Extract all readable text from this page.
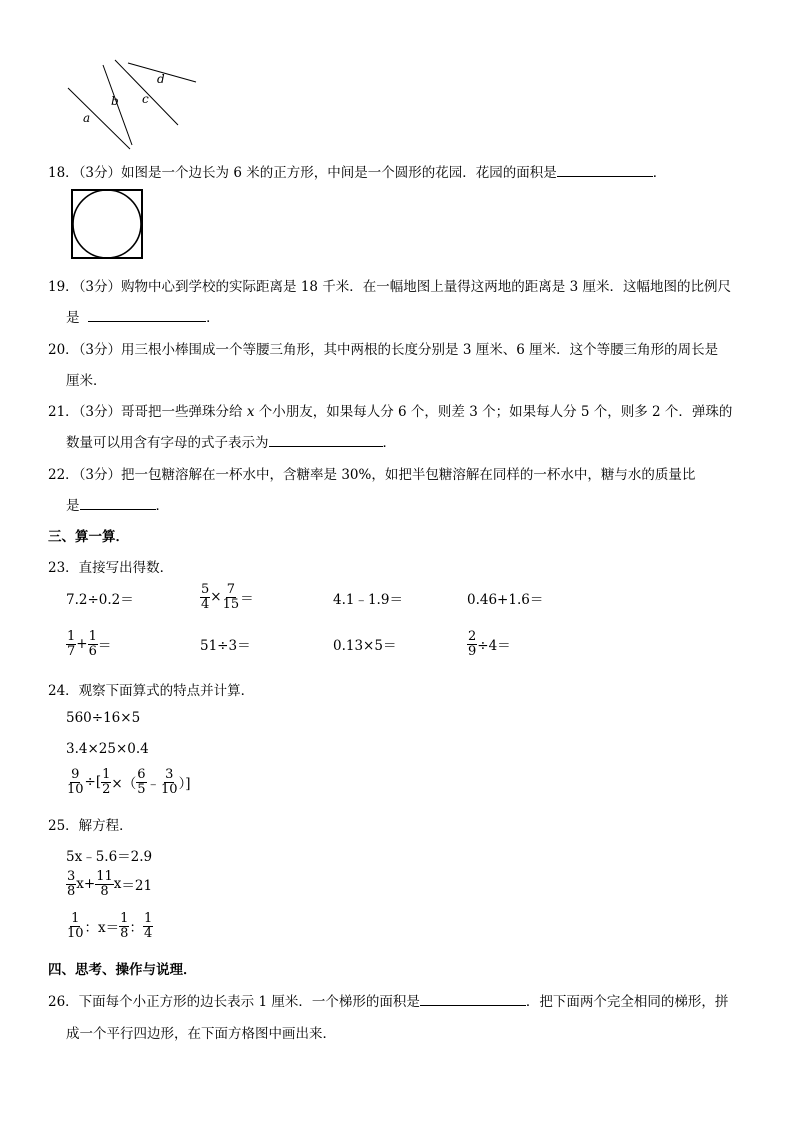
a
b c
d
18．（3分）如图是一个边长为 6 米的正方形，中间是一个圆形的花园．花园的面积是	．
19．（3分）购物中心到学校的实际距离是 18 千米．在一幅地图上量得这两地的距离是 3 厘米．这幅地图的比例尺
是	．
20．（3分）用三根小棒围成一个等腰三角形，其中两根的长度分别是 3 厘米、6 厘米．这个等腰三角形的周长是
厘米．
21．（3分）哥哥把一些弹珠分给 x 个小朋友，如果每人分 6 个，则差 3 个；如果每人分 5 个，则多 2 个．弹珠的
数量可以用含有字母的式子表示为	．
22．（3分）把一包糖溶解在一杯水中，含糖率是 30%，如把半包糖溶解在同样的一杯水中，糖与水的质量比
是	．
三、算一算．
23．直接写出得数．
7.2÷0.2＝	$\frac{5}{4} \times \frac{7}{15}$ ＝	4.1﹣1.9＝	0.46+1.6＝
$\frac{1}{7} + \frac{1}{6}$ ＝	51÷3＝	0.13×5＝	$\frac{2}{9} \div 4=$
24．观察下面算式的特点并计算．
560÷16×5
3.4×25×0.4
$\frac{9}{10}$ ÷[ $\frac{1}{2}$ ×（ $\frac{6}{5}$ ﹣ $\frac{3}{10}$ ）]
25．解方程．
5x﹣5.6＝2.9
$\frac{3}{8} x+ \frac{11}{8}$ x ＝21
$\frac{1}{10}$ ：$x= \frac{1}{8}$ ： $\frac{1}{4}$
四、思考、操作与说理．
26．下面每个小正方形的边长表示 1 厘米．一个梯形的面积是	．把下面两个完全相同的梯形，拼
成一个平行四边形，在下面方格图中画出来．
